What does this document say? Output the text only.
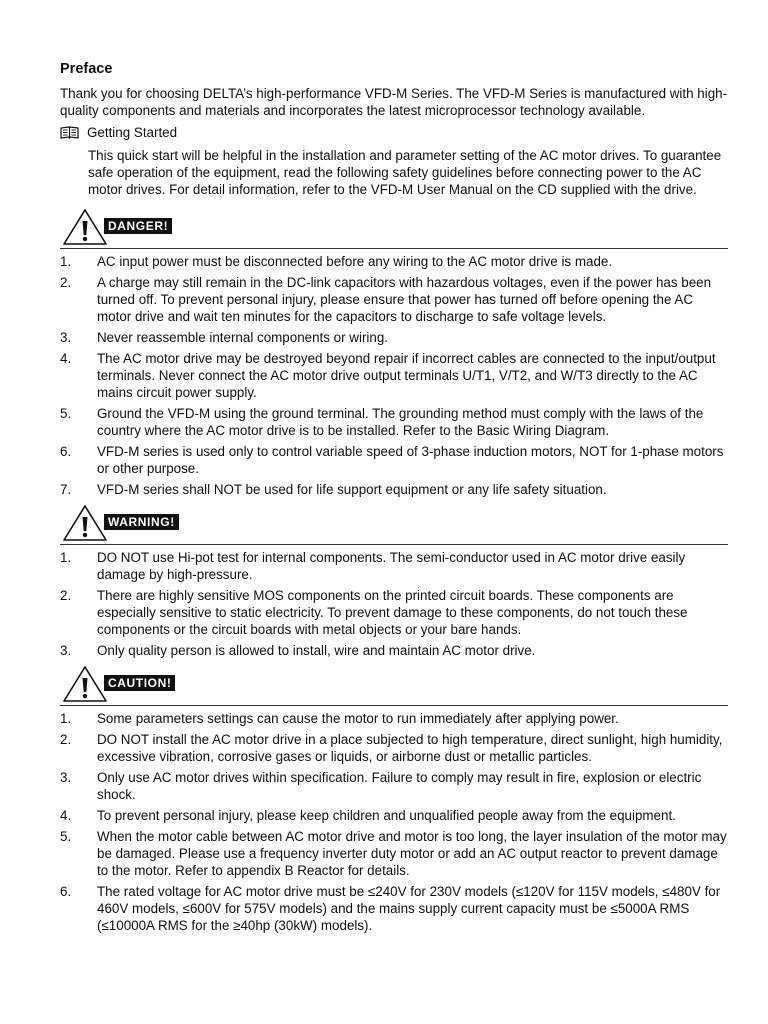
Preface

Thank you for choosing DELTA’s high-performance VFD-M Series. The VFD-M Series is manufactured with high-quality components and materials and incorporates the latest microprocessor technology available.

Getting Started

This quick start will be helpful in the installation and parameter setting of the AC motor drives. To guarantee safe operation of the equipment, read the following safety guidelines before connecting power to the AC motor drives. For detail information, refer to the VFD-M User Manual on the CD supplied with the drive.

DANGER!
1.	AC input power must be disconnected before any wiring to the AC motor drive is made.
2.	A charge may still remain in the DC-link capacitors with hazardous voltages, even if the power has been turned off. To prevent personal injury, please ensure that power has turned off before opening the AC motor drive and wait ten minutes for the capacitors to discharge to safe voltage levels.
3.	Never reassemble internal components or wiring.
4.	The AC motor drive may be destroyed beyond repair if incorrect cables are connected to the input/output terminals. Never connect the AC motor drive output terminals U/T1, V/T2, and W/T3 directly to the AC mains circuit power supply.
5.	Ground the VFD-M using the ground terminal. The grounding method must comply with the laws of the country where the AC motor drive is to be installed. Refer to the Basic Wiring Diagram.
6.	VFD-M series is used only to control variable speed of 3-phase induction motors, NOT for 1-phase motors or other purpose.
7.	VFD-M series shall NOT be used for life support equipment or any life safety situation.
WARNING!
1.	DO NOT use Hi-pot test for internal components. The semi-conductor used in AC motor drive easily damage by high-pressure.
2.	There are highly sensitive MOS components on the printed circuit boards. These components are especially sensitive to static electricity. To prevent damage to these components, do not touch these components or the circuit boards with metal objects or your bare hands.
3.	Only quality person is allowed to install, wire and maintain AC motor drive.
CAUTION!
1.	Some parameters settings can cause the motor to run immediately after applying power.
2.	DO NOT install the AC motor drive in a place subjected to high temperature, direct sunlight, high humidity, excessive vibration, corrosive gases or liquids, or airborne dust or metallic particles.
3.	Only use AC motor drives within specification. Failure to comply may result in fire, explosion or electric shock.
4.	To prevent personal injury, please keep children and unqualified people away from the equipment.
5.	When the motor cable between AC motor drive and motor is too long, the layer insulation of the motor may be damaged. Please use a frequency inverter duty motor or add an AC output reactor to prevent damage to the motor. Refer to appendix B Reactor for details.
6.	The rated voltage for AC motor drive must be ≤240V for 230V models (≤120V for 115V models, ≤480V for 460V models, ≤600V for 575V models) and the mains supply current capacity must be ≤5000A RMS (≤10000A RMS for the ≥40hp (30kW) models).
